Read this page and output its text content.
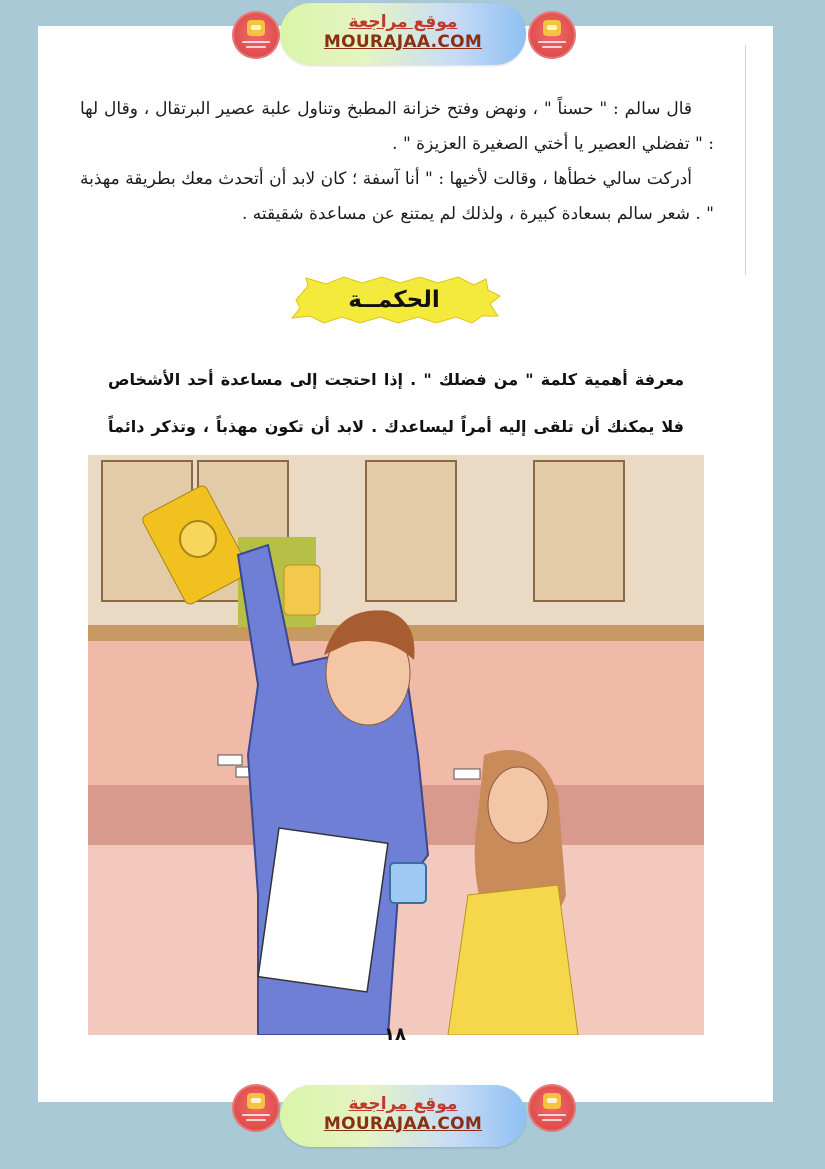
موقع مراجعة
MOURAJAA.COM

قال سالم : " حسناً " ، ونهض وفتح خزانة المطبخ وتناول علبة عصير البرتقال ، وقال لها : " تفضلي العصير يا أختي الصغيرة العزيزة " .

أدركت سالي خطأها ، وقالت لأخيها : " أنا آسفة ؛ كان لابد أن أتحدث معك بطريقة مهذبة " . شعر سالم بسعادة كبيرة ، ولذلك لم يمتنع عن مساعدة شقيقته .

الحكمــة

معرفة أهمية كلمة " من فضلك " . إذا احتجت إلى مساعدة أحد الأشخاص فلا يمكنك أن تلقى إليه أمراً ليساعدك . لابد أن تكون مهذباً ، وتذكر دائماً

١٨
موقع مراجعة
MOURAJAA.COM
